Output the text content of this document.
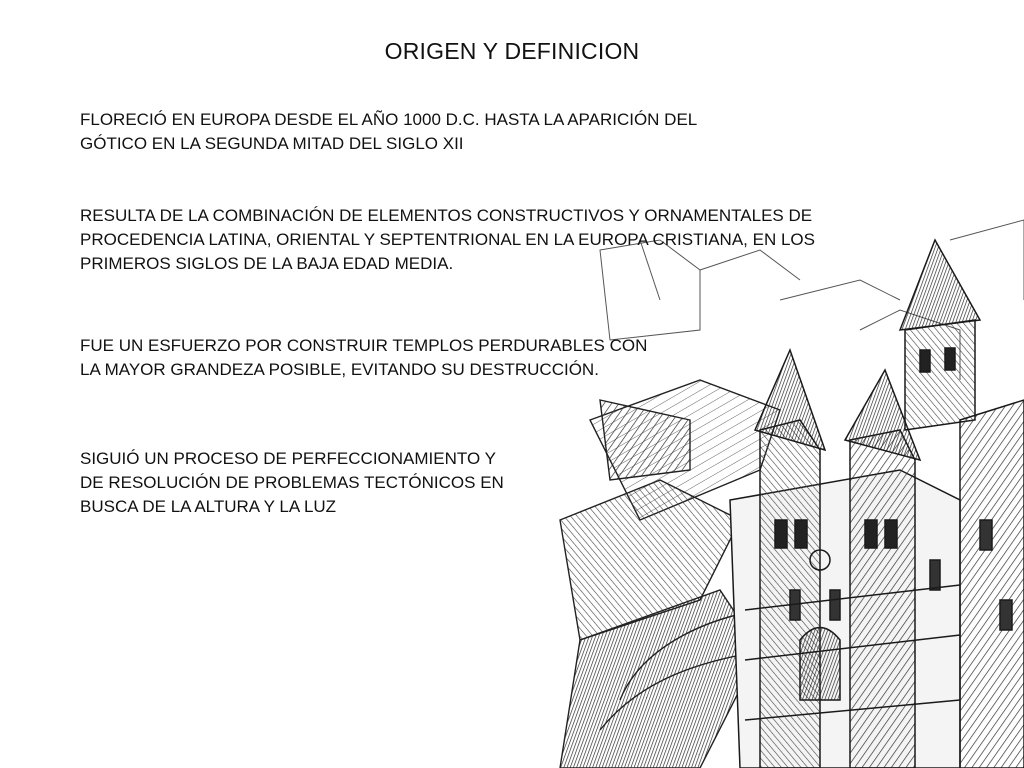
ORIGEN Y DEFINICION

FLORECIÓ EN EUROPA DESDE EL AÑO 1000 D.C. HASTA LA APARICIÓN DEL
GÓTICO EN LA SEGUNDA MITAD DEL SIGLO XII

RESULTA DE LA COMBINACIÓN DE ELEMENTOS CONSTRUCTIVOS Y ORNAMENTALES DE
PROCEDENCIA LATINA, ORIENTAL Y SEPTENTRIONAL EN LA EUROPA CRISTIANA, EN LOS
PRIMEROS SIGLOS DE LA BAJA EDAD MEDIA.

FUE UN ESFUERZO POR CONSTRUIR TEMPLOS PERDURABLES CON
LA MAYOR GRANDEZA POSIBLE, EVITANDO SU DESTRUCCIÓN.

SIGUIÓ UN PROCESO DE PERFECCIONAMIENTO Y
DE RESOLUCIÓN DE PROBLEMAS TECTÓNICOS EN
BUSCA DE LA ALTURA Y LA LUZ
